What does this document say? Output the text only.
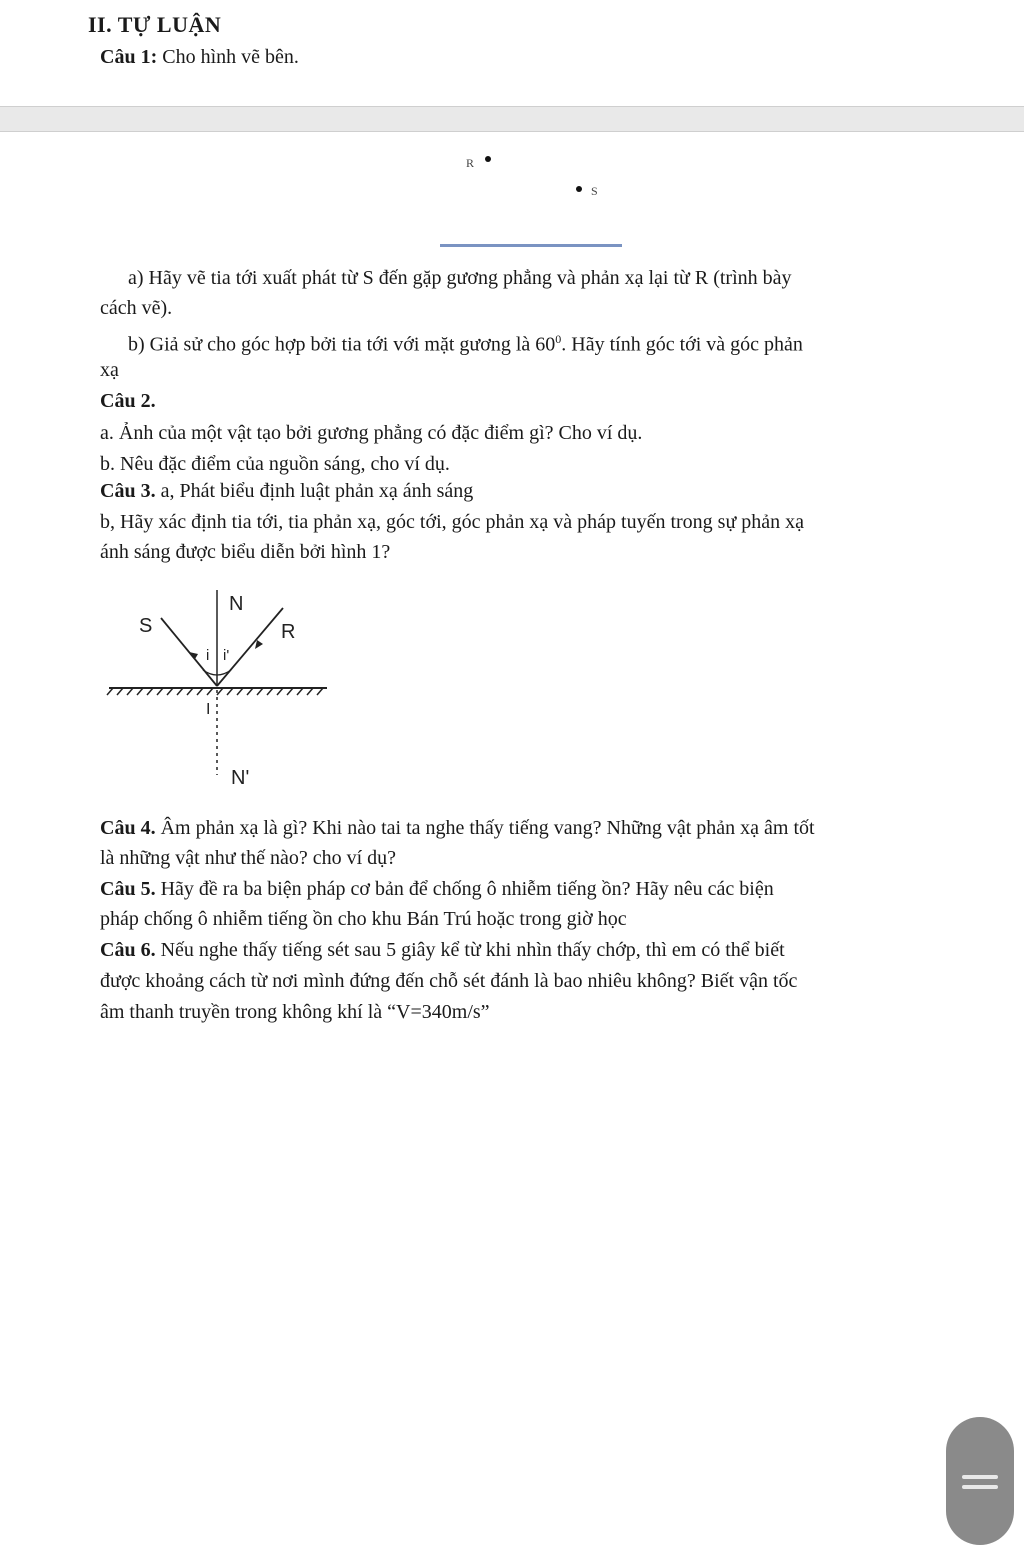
II. TỰ LUẬN
Câu 1: Cho hình vẽ bên.
R
S
a) Hãy vẽ tia tới xuất phát từ S đến gặp gương phẳng và phản xạ lại từ R (trình bày
cách vẽ).
b) Giả sử cho góc hợp bởi tia tới với mặt gương là $60^0$. Hãy tính góc tới và góc phản
xạ
Câu 2.
a. Ảnh của một vật tạo bởi gương phẳng có đặc điểm gì? Cho ví dụ.
b. Nêu đặc điểm của nguồn sáng, cho ví dụ.
Câu 3. a, Phát biểu định luật phản xạ ánh sáng
b, Hãy xác định tia tới, tia phản xạ, góc tới, góc phản xạ và pháp tuyến trong sự phản xạ
ánh sáng được biểu diễn bởi hình 1?
N
S	R
i i'
I
N'
Câu 4. Âm phản xạ là gì? Khi nào tai ta nghe thấy tiếng vang? Những vật phản xạ âm tốt
là những vật như thế nào? cho ví dụ?
Câu 5. Hãy đề ra ba biện pháp cơ bản để chống ô nhiễm tiếng ồn? Hãy nêu các biện
pháp chống ô nhiễm tiếng ồn cho khu Bán Trú hoặc trong giờ học
Câu 6. Nếu nghe thấy tiếng sét sau 5 giây kể từ khi nhìn thấy chớp, thì em có thể biết
được khoảng cách từ nơi mình đứng đến chỗ sét đánh là bao nhiêu không? Biết vận tốc
âm thanh truyền trong không khí là “V=340m/s”
